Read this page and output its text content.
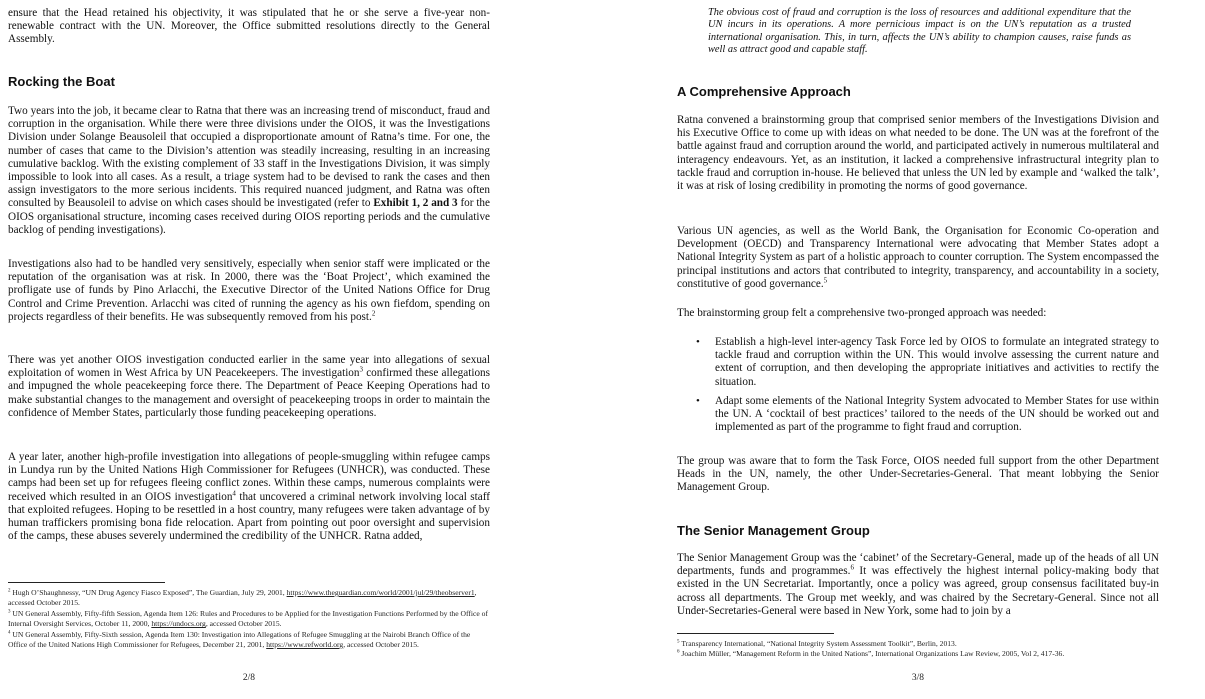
ensure that the Head retained his objectivity, it was stipulated that he or she serve a five-year non-renewable contract with the UN. Moreover, the Office submitted resolutions directly to the General Assembly.

Rocking the Boat

Two years into the job, it became clear to Ratna that there was an increasing trend of misconduct, fraud and corruption in the organisation. While there were three divisions under the OIOS, it was the Investigations Division under Solange Beausoleil that occupied a disproportionate amount of Ratna’s time. For one, the number of cases that came to the Division’s attention was steadily increasing, resulting in an increasing cumulative backlog. With the existing complement of 33 staff in the Investigations Division, it was simply impossible to look into all cases. As a result, a triage system had to be devised to rank the cases and then assign investigators to the more serious incidents. This required nuanced judgment, and Ratna was often consulted by Beausoleil to advise on which cases should be investigated (refer to Exhibit 1, 2 and 3 for the OIOS organisational structure, incoming cases received during OIOS reporting periods and the cumulative backlog of pending investigations).

Investigations also had to be handled very sensitively, especially when senior staff were implicated or the reputation of the organisation was at risk. In 2000, there was the ‘Boat Project’, which examined the profligate use of funds by Pino Arlacchi, the Executive Director of the United Nations Office for Drug Control and Crime Prevention. Arlacchi was cited of running the agency as his own fiefdom, spending on projects regardless of their benefits. He was subsequently removed from his post.$^2$

There was yet another OIOS investigation conducted earlier in the same year into allegations of sexual exploitation of women in West Africa by UN Peacekeepers. The investigation$^3$ confirmed these allegations and impugned the whole peacekeeping force there. The Department of Peace Keeping Operations had to make substantial changes to the management and oversight of peacekeeping troops in order to maintain the confidence of Member States, particularly those funding peacekeeping operations.

A year later, another high-profile investigation into allegations of people-smuggling within refugee camps in Lundya run by the United Nations High Commissioner for Refugees (UNHCR), was conducted. These camps had been set up for refugees fleeing conflict zones. Within these camps, numerous complaints were received which resulted in an OIOS investigation$^4$ that uncovered a criminal network involving local staff that exploited refugees. Hoping to be resettled in a host country, many refugees were taken advantage of by human traffickers promising bona fide relocation. Apart from pointing out poor oversight and supervision of the camps, these abuses severely undermined the credibility of the UNHCR. Ratna added,

$^2$ Hugh O’Shaughnessy, “UN Drug Agency Fiasco Exposed”, The Guardian, July 29, 2001, https://www.theguardian.com/world/2001/jul/29/theobserver1, accessed October 2015.
$^3$ UN General Assembly, Fifty-fifth Session, Agenda Item 126: Rules and Procedures to be Applied for the Investigation Functions Performed by the Office of Internal Oversight Services, October 11, 2000, https://undocs.org, accessed October 2015.
$^4$ UN General Assembly, Fifty-Sixth session, Agenda Item 130: Investigation into Allegations of Refugee Smuggling at the Nairobi Branch Office of the Office of the United Nations High Commissioner for Refugees, December 21, 2001, https://www.refworld.org, accessed October 2015.
2/8

The obvious cost of fraud and corruption is the loss of resources and additional expenditure that the UN incurs in its operations. A more pernicious impact is on the UN’s reputation as a trusted international organisation. This, in turn, affects the UN’s ability to champion causes, raise funds as well as attract good and capable staff.

A Comprehensive Approach

Ratna convened a brainstorming group that comprised senior members of the Investigations Division and his Executive Office to come up with ideas on what needed to be done. The UN was at the forefront of the battle against fraud and corruption around the world, and participated actively in numerous multilateral and interagency endeavours. Yet, as an institution, it lacked a comprehensive infrastructural integrity plan to tackle fraud and corruption in-house. He believed that unless the UN led by example and ‘walked the talk’, it was at risk of losing credibility in promoting the norms of good governance.

Various UN agencies, as well as the World Bank, the Organisation for Economic Co-operation and Development (OECD) and Transparency International were advocating that Member States adopt a National Integrity System as part of a holistic approach to counter corruption. The System encompassed the principal institutions and actors that contributed to integrity, transparency, and accountability in a society, constitutive of good governance.$^5$

The brainstorming group felt a comprehensive two-pronged approach was needed:

• Establish a high-level inter-agency Task Force led by OIOS to formulate an integrated strategy to tackle fraud and corruption within the UN. This would involve assessing the current nature and extent of corruption, and then developing the appropriate initiatives and activities to rectify the situation.
• Adapt some elements of the National Integrity System advocated to Member States for use within the UN. A ‘cocktail of best practices’ tailored to the needs of the UN should be worked out and implemented as part of the programme to fight fraud and corruption.

The group was aware that to form the Task Force, OIOS needed full support from the other Department Heads in the UN, namely, the other Under-Secretaries-General. That meant lobbying the Senior Management Group.

The Senior Management Group

The Senior Management Group was the ‘cabinet’ of the Secretary-General, made up of the heads of all UN departments, funds and programmes.$^6$ It was effectively the highest internal policy-making body that existed in the UN Secretariat. Importantly, once a policy was agreed, group consensus facilitated buy-in across all departments. The Group met weekly, and was chaired by the Secretary-General. Since not all Under-Secretaries-General were based in New York, some had to join by a

$^5$ Transparency International, “National Integrity System Assessment Toolkit”, Berlin, 2013.
$^6$ Joachim Müller, “Management Reform in the United Nations”, International Organizations Law Review, 2005, Vol 2, 417-36.
3/8
